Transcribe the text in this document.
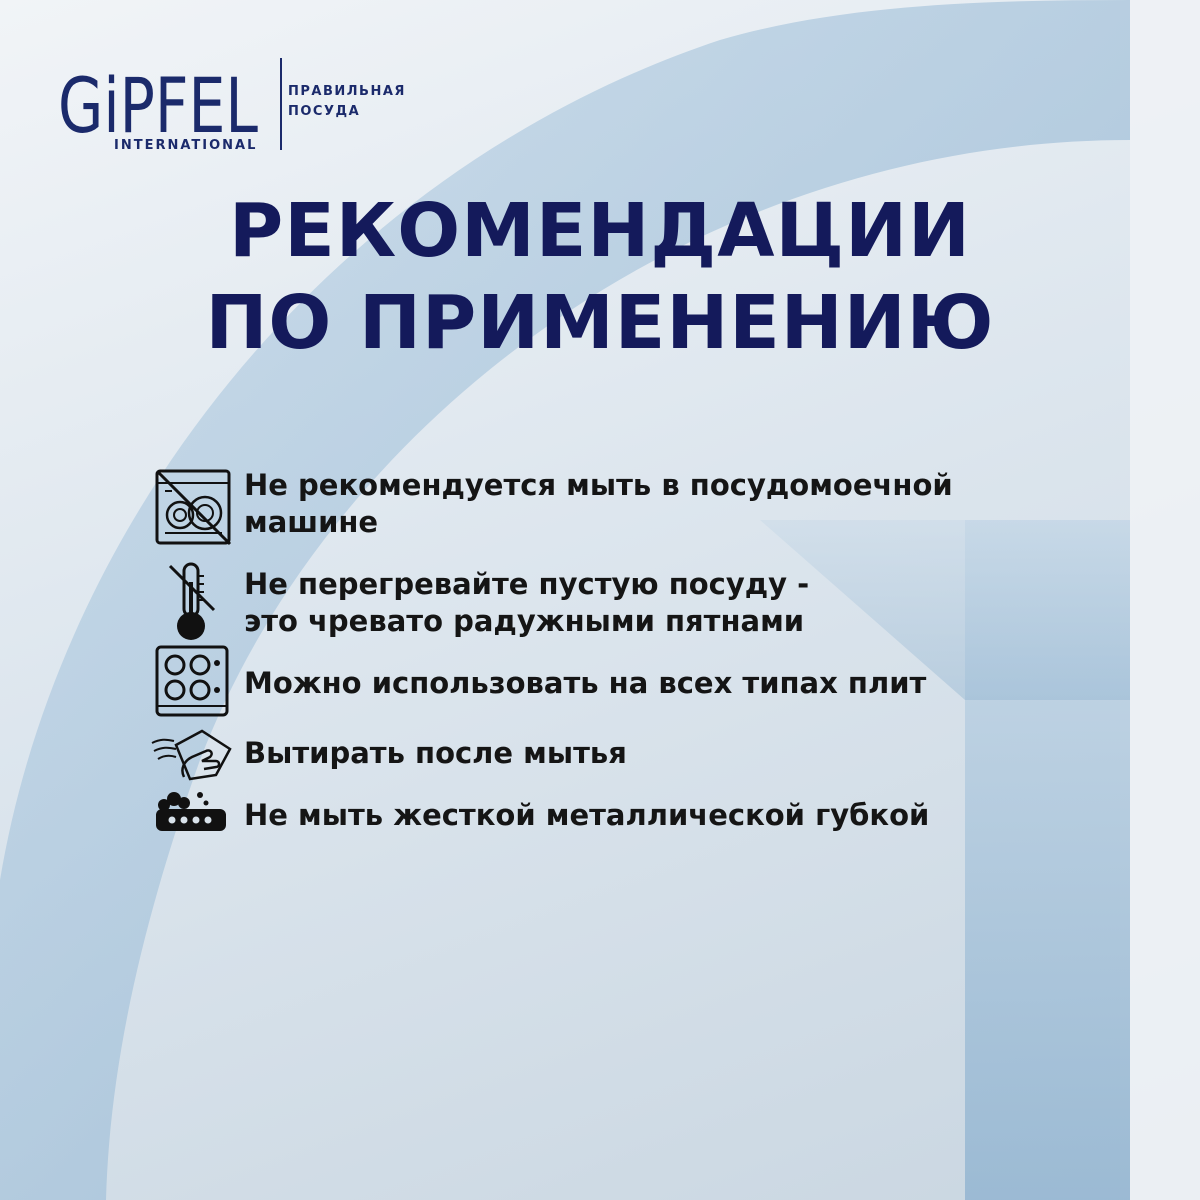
GiPFEL
INTERNATIONAL
ПРАВИЛЬНАЯ
ПОСУДА
РЕКОМЕНДАЦИИ
ПО ПРИМЕНЕНИЮ
Не рекомендуется мыть в посудомоечной
машине
Не перегревайте пустую посуду -
это чревато радужными пятнами
Можно использовать на всех типах плит
Вытирать после мытья
Не мыть жесткой металлической губкой
